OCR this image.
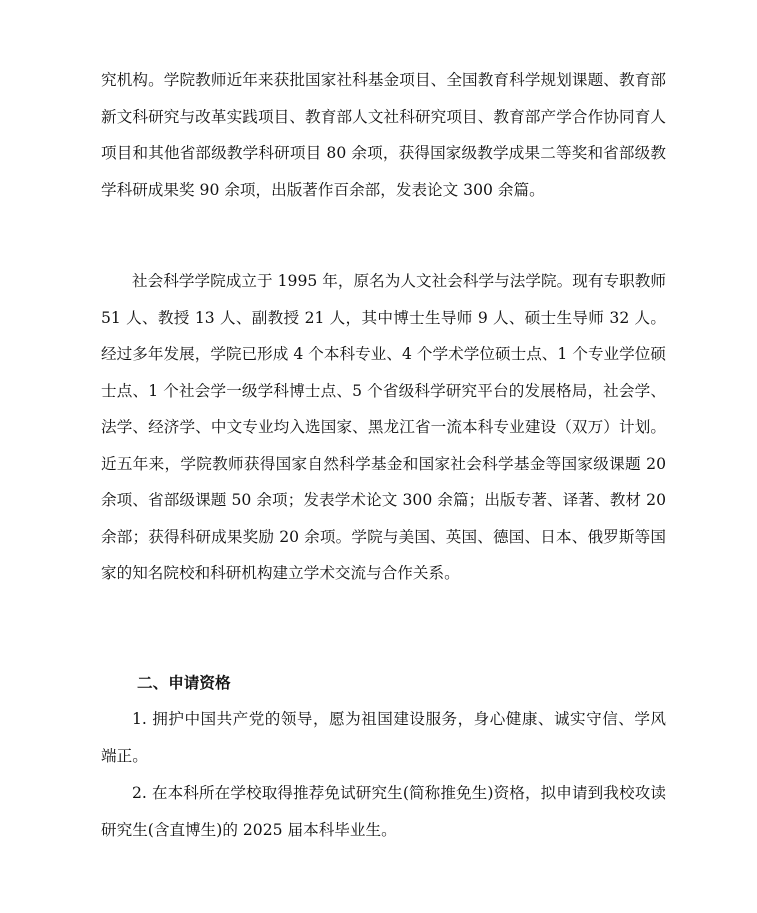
究机构。学院教师近年来获批国家社科基金项目、全国教育科学规划课题、教育部新文科研究与改革实践项目、教育部人文社科研究项目、教育部产学合作协同育人项目和其他省部级教学科研项目 80 余项，获得国家级教学成果二等奖和省部级教学科研成果奖 90 余项，出版著作百余部，发表论文 300 余篇。

社会科学学院成立于 1995 年，原名为人文社会科学与法学院。现有专职教师 51 人、教授 13 人、副教授 21 人，其中博士生导师 9 人、硕士生导师 32 人。经过多年发展，学院已形成 4 个本科专业、4 个学术学位硕士点、1 个专业学位硕士点、1 个社会学一级学科博士点、5 个省级科学研究平台的发展格局，社会学、法学、经济学、中文专业均入选国家、黑龙江省一流本科专业建设（双万）计划。近五年来，学院教师获得国家自然科学基金和国家社会科学基金等国家级课题 20 余项、省部级课题 50 余项；发表学术论文 300 余篇；出版专著、译著、教材 20 余部；获得科研成果奖励 20 余项。学院与美国、英国、德国、日本、俄罗斯等国家的知名院校和科研机构建立学术交流与合作关系。

二、申请资格

1. 拥护中国共产党的领导，愿为祖国建设服务，身心健康、诚实守信、学风端正。

2. 在本科所在学校取得推荐免试研究生(简称推免生)资格，拟申请到我校攻读研究生(含直博生)的 2025 届本科毕业生。
